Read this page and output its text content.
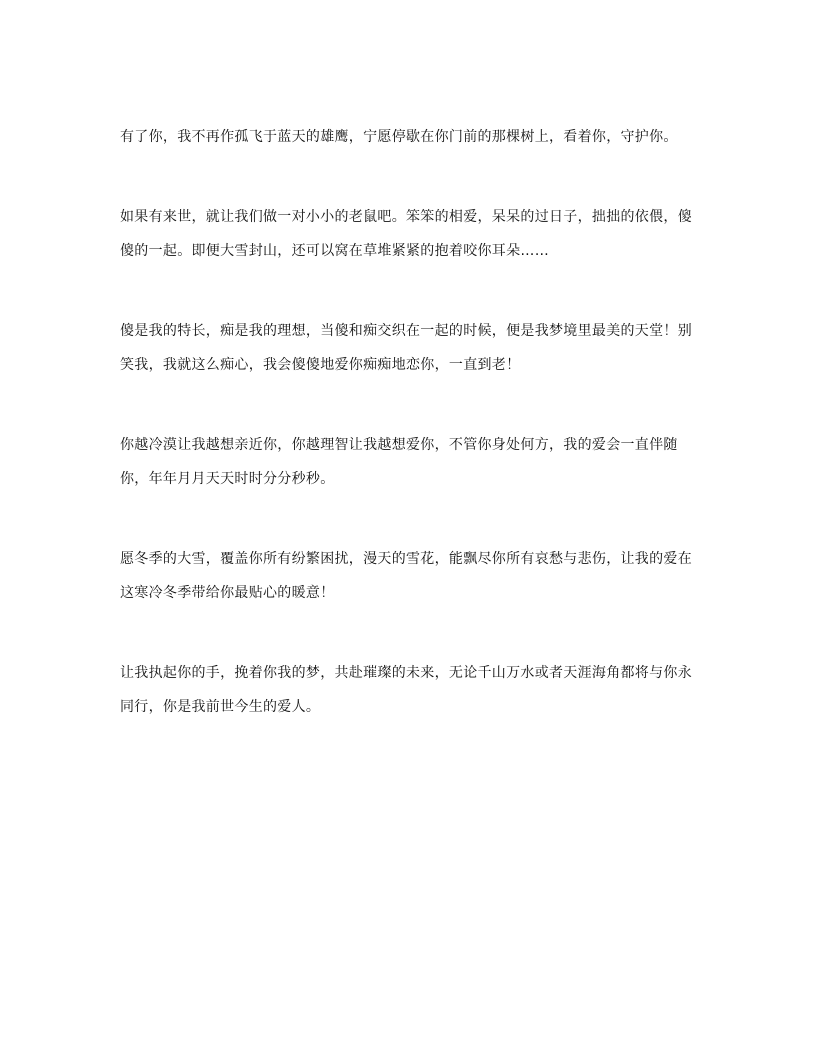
有了你，我不再作孤飞于蓝天的雄鹰，宁愿停歇在你门前的那棵树上，看着你，守护你。

如果有来世，就让我们做一对小小的老鼠吧。笨笨的相爱，呆呆的过日子，拙拙的依偎，傻傻的一起。即便大雪封山，还可以窝在草堆紧紧的抱着咬你耳朵……

傻是我的特长，痴是我的理想，当傻和痴交织在一起的时候，便是我梦境里最美的天堂！别笑我，我就这么痴心，我会傻傻地爱你痴痴地恋你，一直到老！

你越冷漠让我越想亲近你，你越理智让我越想爱你，不管你身处何方，我的爱会一直伴随你，年年月月天天时时分分秒秒。

愿冬季的大雪，覆盖你所有纷繁困扰，漫天的雪花，能飘尽你所有哀愁与悲伤，让我的爱在这寒冷冬季带给你最贴心的暖意！

让我执起你的手，挽着你我的梦，共赴璀璨的未来，无论千山万水或者天涯海角都将与你永同行，你是我前世今生的爱人。
